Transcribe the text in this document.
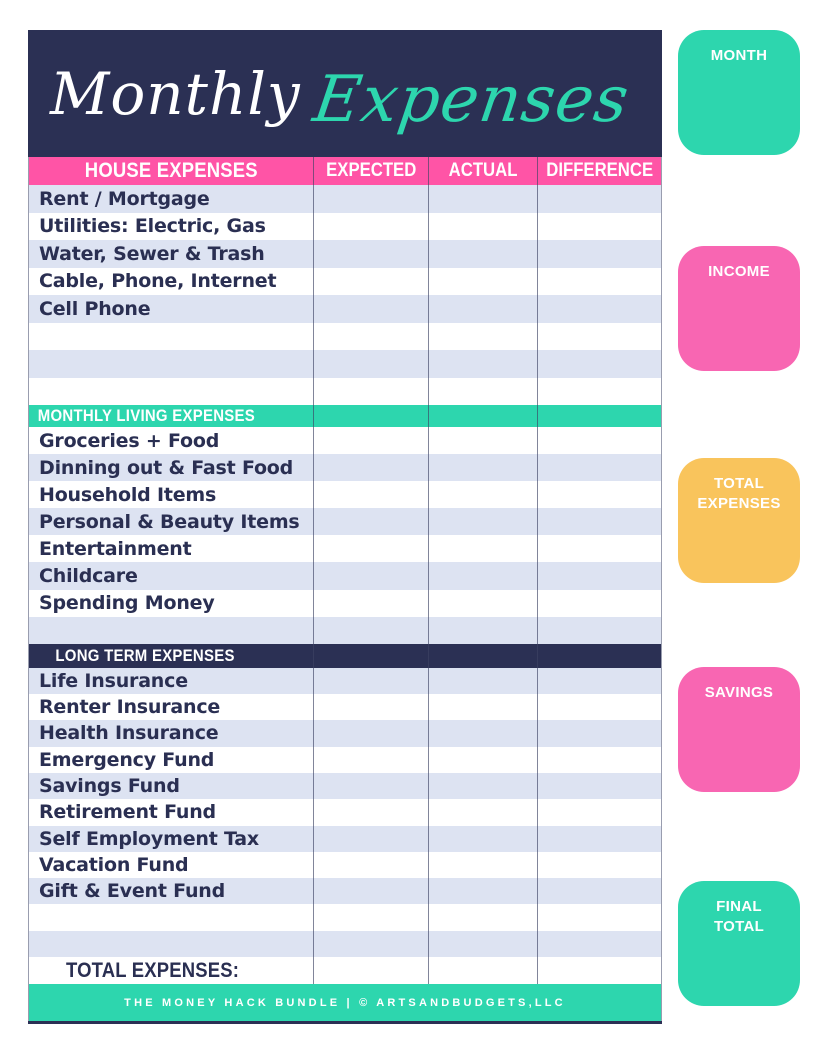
Monthly Expenses
HOUSE EXPENSES	EXPECTED ACTUAL DIFFERENCE
Rent / Mortgage
Utilities: Electric, Gas
Water, Sewer & Trash
Cable, Phone, Internet
Cell Phone
MONTHLY LIVING EXPENSES
Groceries + Food
Dinning out & Fast Food
Household Items
Personal & Beauty Items
Entertainment
Childcare
Spending Money
LONG TERM EXPENSES
Life Insurance
Renter Insurance
Health Insurance
Emergency Fund
Savings Fund
Retirement Fund
Self Employment Tax
Vacation Fund
Gift & Event Fund
TOTAL EXPENSES:
THE MONEY HACK BUNDLE | © ARTSANDBUDGETS,LLC
MONTH
INCOME
TOTAL EXPENSES
SAVINGS
FINAL TOTAL
